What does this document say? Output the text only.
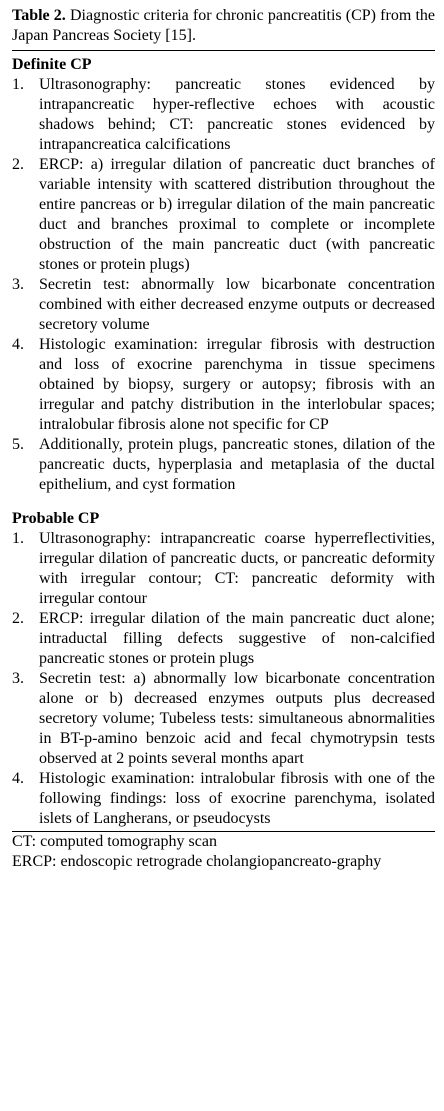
Table 2. Diagnostic criteria for chronic pancreatitis (CP) from the Japan Pancreas Society [15].
Definite CP
1. Ultrasonography: pancreatic stones evidenced by intrapancreatic hyper-reflective echoes with acoustic shadows behind; CT: pancreatic stones evidenced by intrapancreatica calcifications
2. ERCP: a) irregular dilation of pancreatic duct branches of variable intensity with scattered distribution throughout the entire pancreas or b) irregular dilation of the main pancreatic duct and branches proximal to complete or incomplete obstruction of the main pancreatic duct (with pancreatic stones or protein plugs)
3. Secretin test: abnormally low bicarbonate concentration combined with either decreased enzyme outputs or decreased secretory volume
4. Histologic examination: irregular fibrosis with destruction and loss of exocrine parenchyma in tissue specimens obtained by biopsy, surgery or autopsy; fibrosis with an irregular and patchy distribution in the interlobular spaces; intralobular fibrosis alone not specific for CP
5. Additionally, protein plugs, pancreatic stones, dilation of the pancreatic ducts, hyperplasia and metaplasia of the ductal epithelium, and cyst formation
Probable CP
1. Ultrasonography: intrapancreatic coarse hyperreflectivities, irregular dilation of pancreatic ducts, or pancreatic deformity with irregular contour; CT: pancreatic deformity with irregular contour
2. ERCP: irregular dilation of the main pancreatic duct alone; intraductal filling defects suggestive of non-calcified pancreatic stones or protein plugs
3. Secretin test: a) abnormally low bicarbonate concentration alone or b) decreased enzymes outputs plus decreased secretory volume; Tubeless tests: simultaneous abnormalities in BT-p-amino benzoic acid and fecal chymotrypsin tests observed at 2 points several months apart
4. Histologic examination: intralobular fibrosis with one of the following findings: loss of exocrine parenchyma, isolated islets of Langherans, or pseudocysts

CT: computed tomography scan

ERCP: endoscopic retrograde cholangiopancreato-graphy
